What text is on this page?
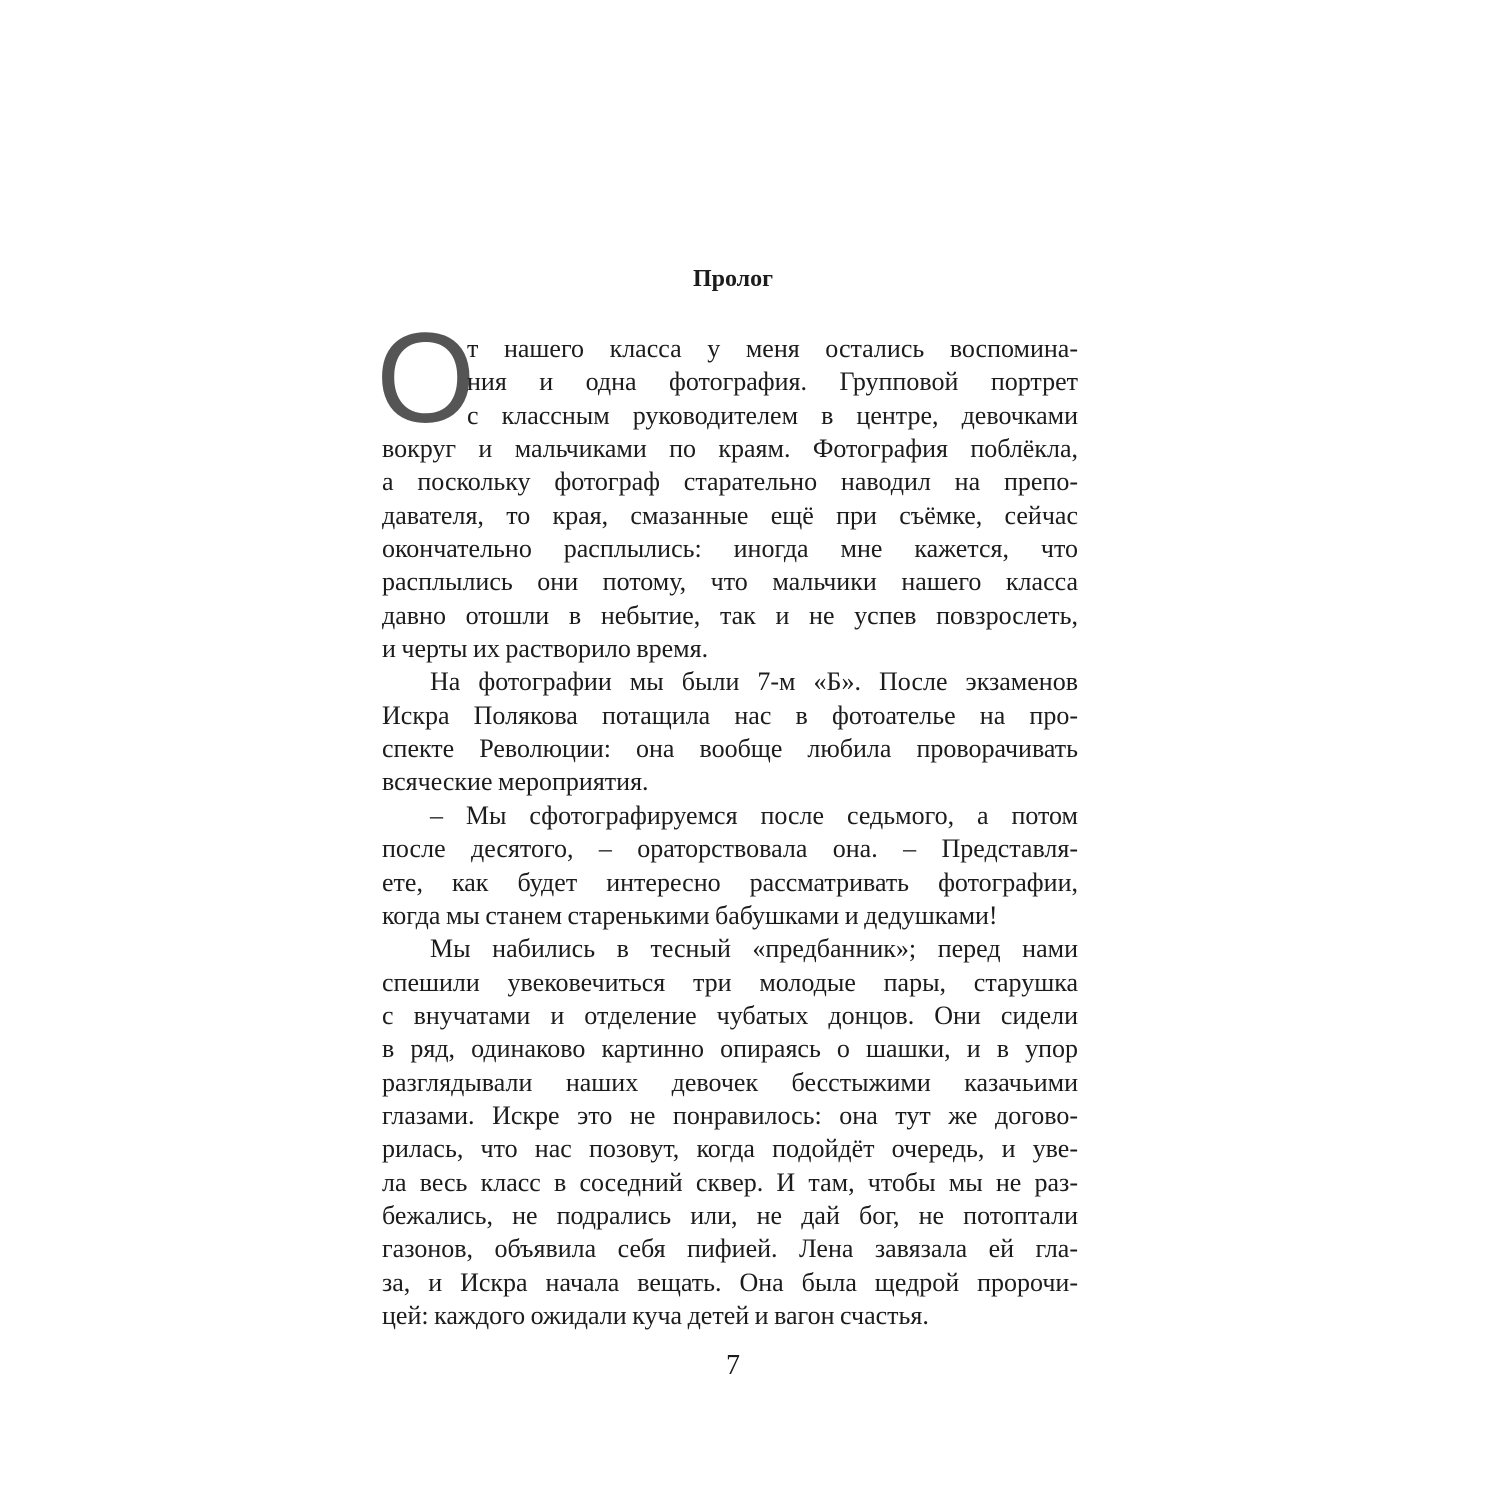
Пролог
О
т нашего класса у меня остались воспомина-
ния и одна фотография. Групповой портрет
с классным руководителем в центре, девочками
вокруг и мальчиками по краям. Фотография поблёкла,
а поскольку фотограф старательно наводил на препо-
давателя, то края, смазанные ещё при съёмке, сейчас
окончательно расплылись: иногда мне кажется, что
расплылись они потому, что мальчики нашего класса
давно отошли в небытие, так и не успев повзрослеть,
и черты их растворило время.
На фотографии мы были 7-м «Б». После экзаменов
Искра Полякова потащила нас в фотоателье на про-
спекте Революции: она вообще любила проворачивать
всяческие мероприятия.
– Мы сфотографируемся после седьмого, а потом
после десятого, – ораторствовала она. – Представля-
ете, как будет интересно рассматривать фотографии,
когда мы станем старенькими бабушками и дедушками!
Мы набились в тесный «предбанник»; перед нами
спешили увековечиться три молодые пары, старушка
с внучатами и отделение чубатых донцов. Они сидели
в ряд, одинаково картинно опираясь о шашки, и в упор
разглядывали наших девочек бесстыжими казачьими
глазами. Искре это не понравилось: она тут же догово-
рилась, что нас позовут, когда подойдёт очередь, и уве-
ла весь класс в соседний сквер. И там, чтобы мы не раз-
бежались, не подрались или, не дай бог, не потоптали
газонов, объявила себя пифией. Лена завязала ей гла-
за, и Искра начала вещать. Она была щедрой пророчи-
цей: каждого ожидали куча детей и вагон счастья.
7
